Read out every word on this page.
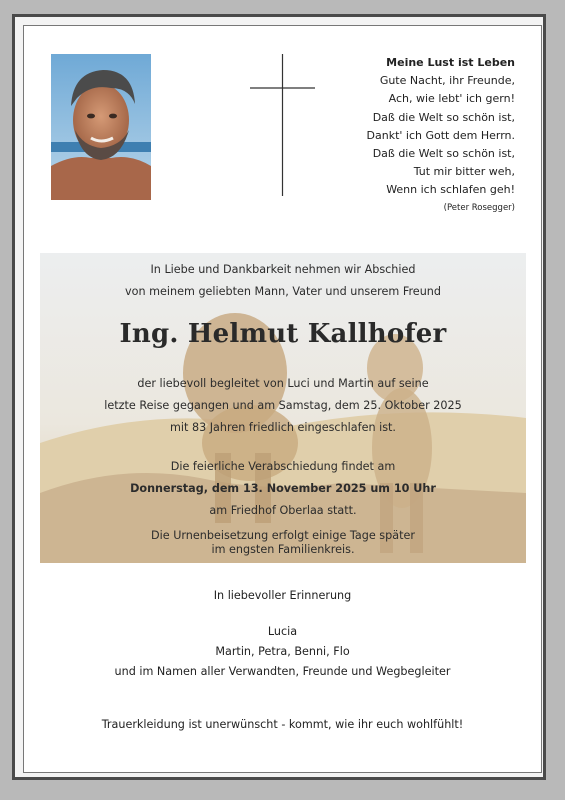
Meine Lust ist Leben
Gute Nacht, ihr Freunde,
Ach, wie lebt' ich gern!
Daß die Welt so schön ist,
Dankt' ich Gott dem Herrn.
Daß die Welt so schön ist,
Tut mir bitter weh,
Wenn ich schlafen geh!
(Peter Rosegger)
In Liebe und Dankbarkeit nehmen wir Abschied
von meinem geliebten Mann, Vater und unserem Freund
Ing. Helmut Kallhofer
der liebevoll begleitet von Luci und Martin auf seine
letzte Reise gegangen und am Samstag, dem 25. Oktober 2025
mit 83 Jahren friedlich eingeschlafen ist.
Die feierliche Verabschiedung findet am
Donnerstag, dem 13. November 2025 um 10 Uhr
am Friedhof Oberlaa statt.
Die Urnenbeisetzung erfolgt einige Tage später
im engsten Familienkreis.
In liebevoller Erinnerung
Lucia
Martin, Petra, Benni, Flo
und im Namen aller Verwandten, Freunde und Wegbegleiter
Trauerkleidung ist unerwünscht - kommt, wie ihr euch wohlfühlt!
